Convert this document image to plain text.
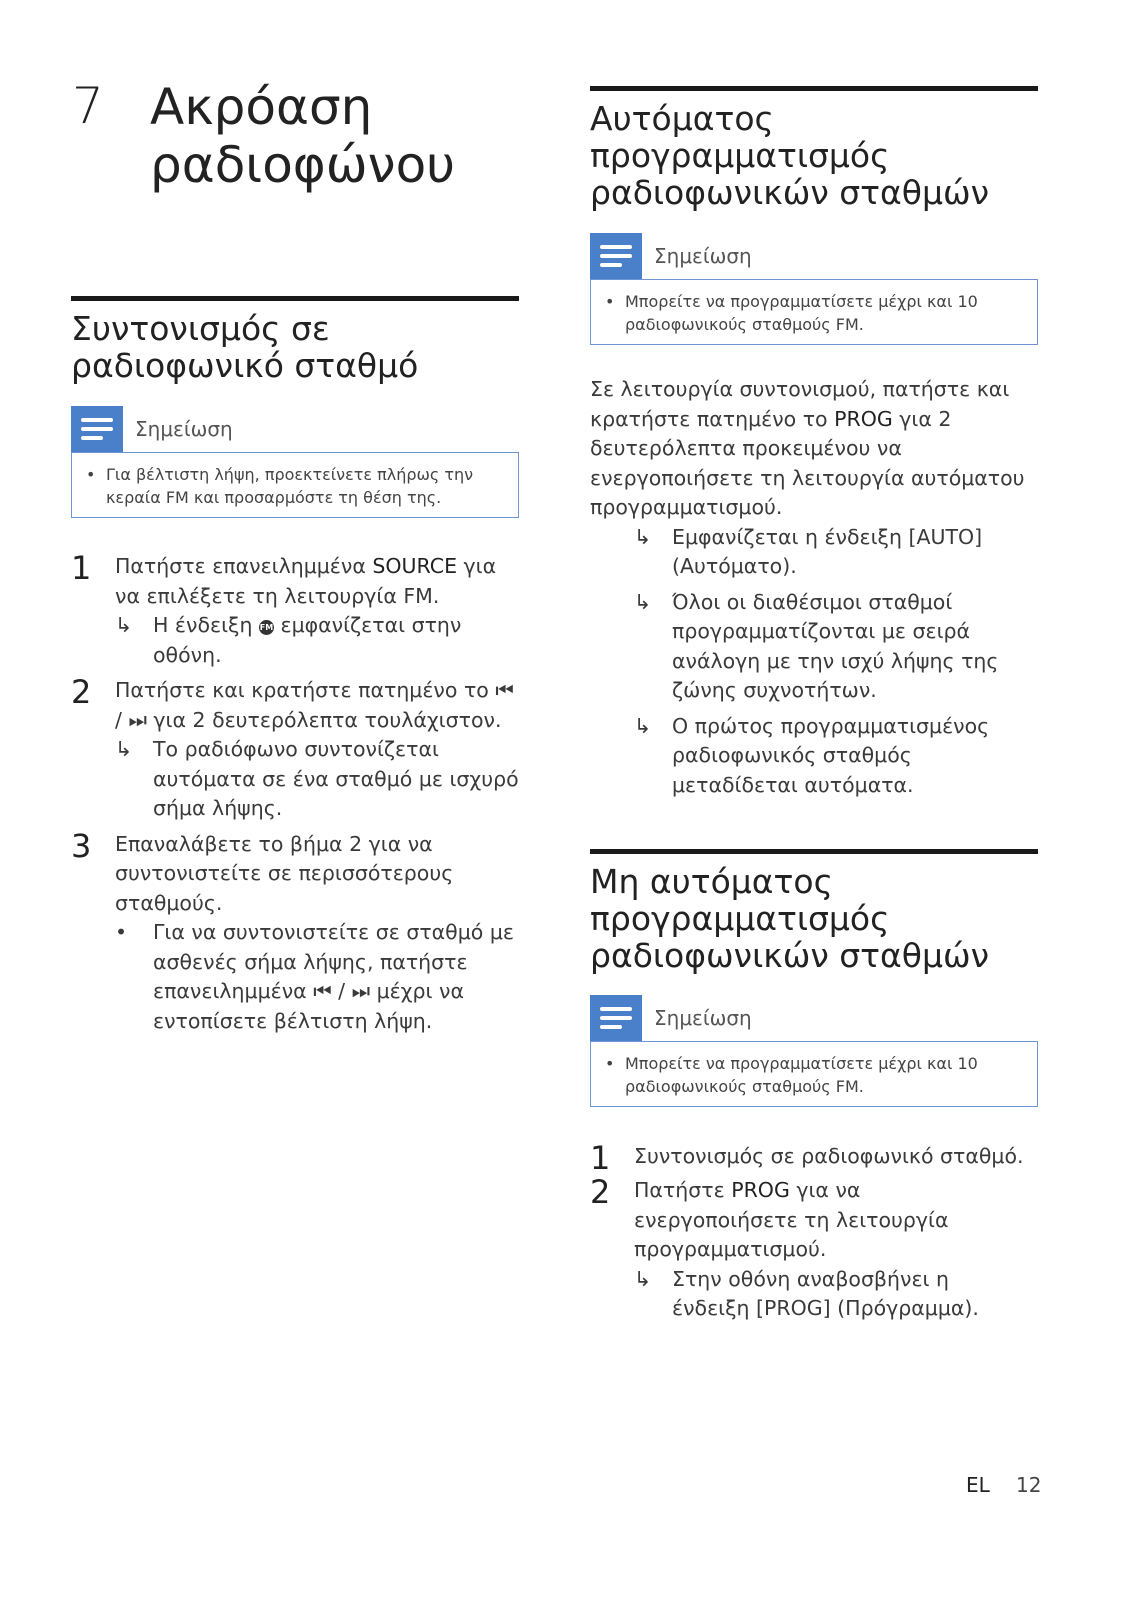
7 Ακρόαση ραδιοφώνου
Συντονισμός σε ραδιοφωνικό σταθμό
Σημείωση
• Για βέλτιστη λήψη, προεκτείνετε πλήρως την κεραία FM και προσαρμόστε τη θέση της.
1	Πατήστε επανειλημμένα SOURCE για να επιλέξετε τη λειτουργία FM.
↳	Η ένδειξη FM εμφανίζεται στην οθόνη.
2	Πατήστε και κρατήστε πατημένο το ⏮ / ⏭ για 2 δευτερόλεπτα τουλάχιστον.
↳	Το ραδιόφωνο συντονίζεται αυτόματα σε ένα σταθμό με ισχυρό σήμα λήψης.
3	Επαναλάβετε το βήμα 2 για να συντονιστείτε σε περισσότερους σταθμούς.
•	Για να συντονιστείτε σε σταθμό με ασθενές σήμα λήψης, πατήστε επανειλημμένα ⏮ / ⏭ μέχρι να εντοπίσετε βέλτιστη λήψη.
Αυτόματος προγραμματισμός ραδιοφωνικών σταθμών
Σημείωση
• Μπορείτε να προγραμματίσετε μέχρι και 10 ραδιοφωνικούς σταθμούς FM.
Σε λειτουργία συντονισμού, πατήστε και κρατήστε πατημένο το PROG για 2 δευτερόλεπτα προκειμένου να ενεργοποιήσετε τη λειτουργία αυτόματου προγραμματισμού.
↳	Εμφανίζεται η ένδειξη [AUTO] (Αυτόματο).
↳	Όλοι οι διαθέσιμοι σταθμοί προγραμματίζονται με σειρά ανάλογη με την ισχύ λήψης της ζώνης συχνοτήτων.
↳	Ο πρώτος προγραμματισμένος ραδιοφωνικός σταθμός μεταδίδεται αυτόματα.
Μη αυτόματος προγραμματισμός ραδιοφωνικών σταθμών
Σημείωση
• Μπορείτε να προγραμματίσετε μέχρι και 10 ραδιοφωνικούς σταθμούς FM.
1	Συντονισμός σε ραδιοφωνικό σταθμό.
2	Πατήστε PROG για να ενεργοποιήσετε τη λειτουργία προγραμματισμού.
↳	Στην οθόνη αναβοσβήνει η ένδειξη [PROG] (Πρόγραμμα).
EL 12
